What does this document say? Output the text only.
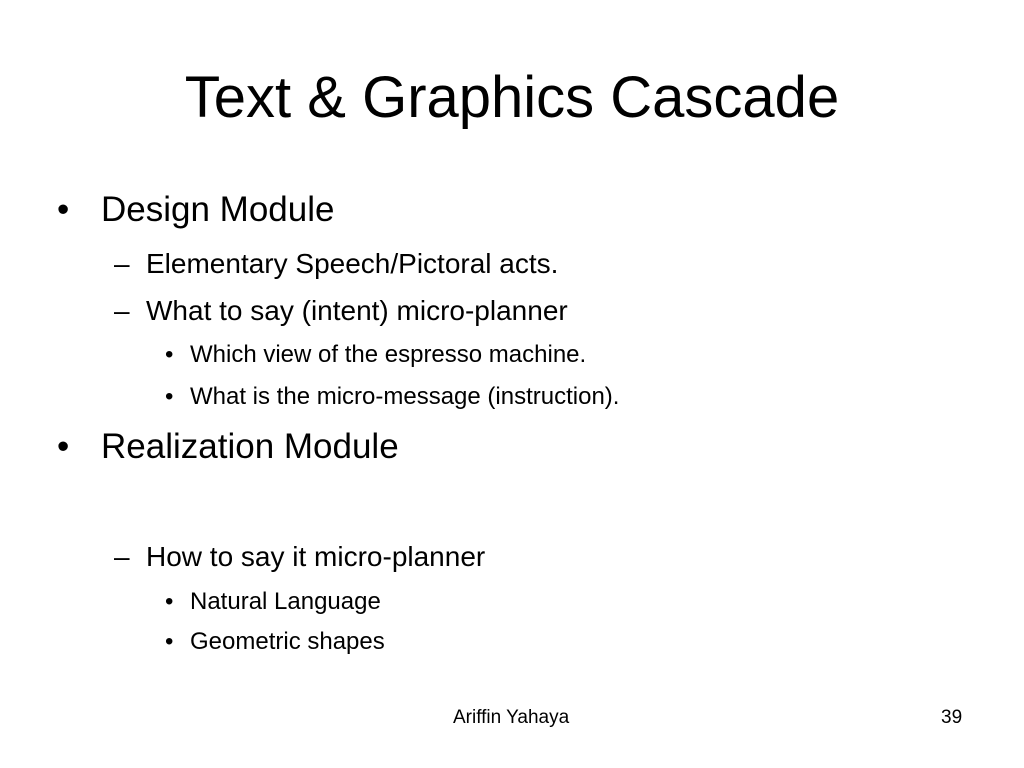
Text & Graphics Cascade
• Design Module
– Elementary Speech/Pictoral acts.
– What to say (intent) micro-planner
• Which view of the espresso machine.
• What is the micro-message (instruction).
• Realization Module
– How to say it micro-planner
• Natural Language
• Geometric shapes
Ariffin Yahaya	39
